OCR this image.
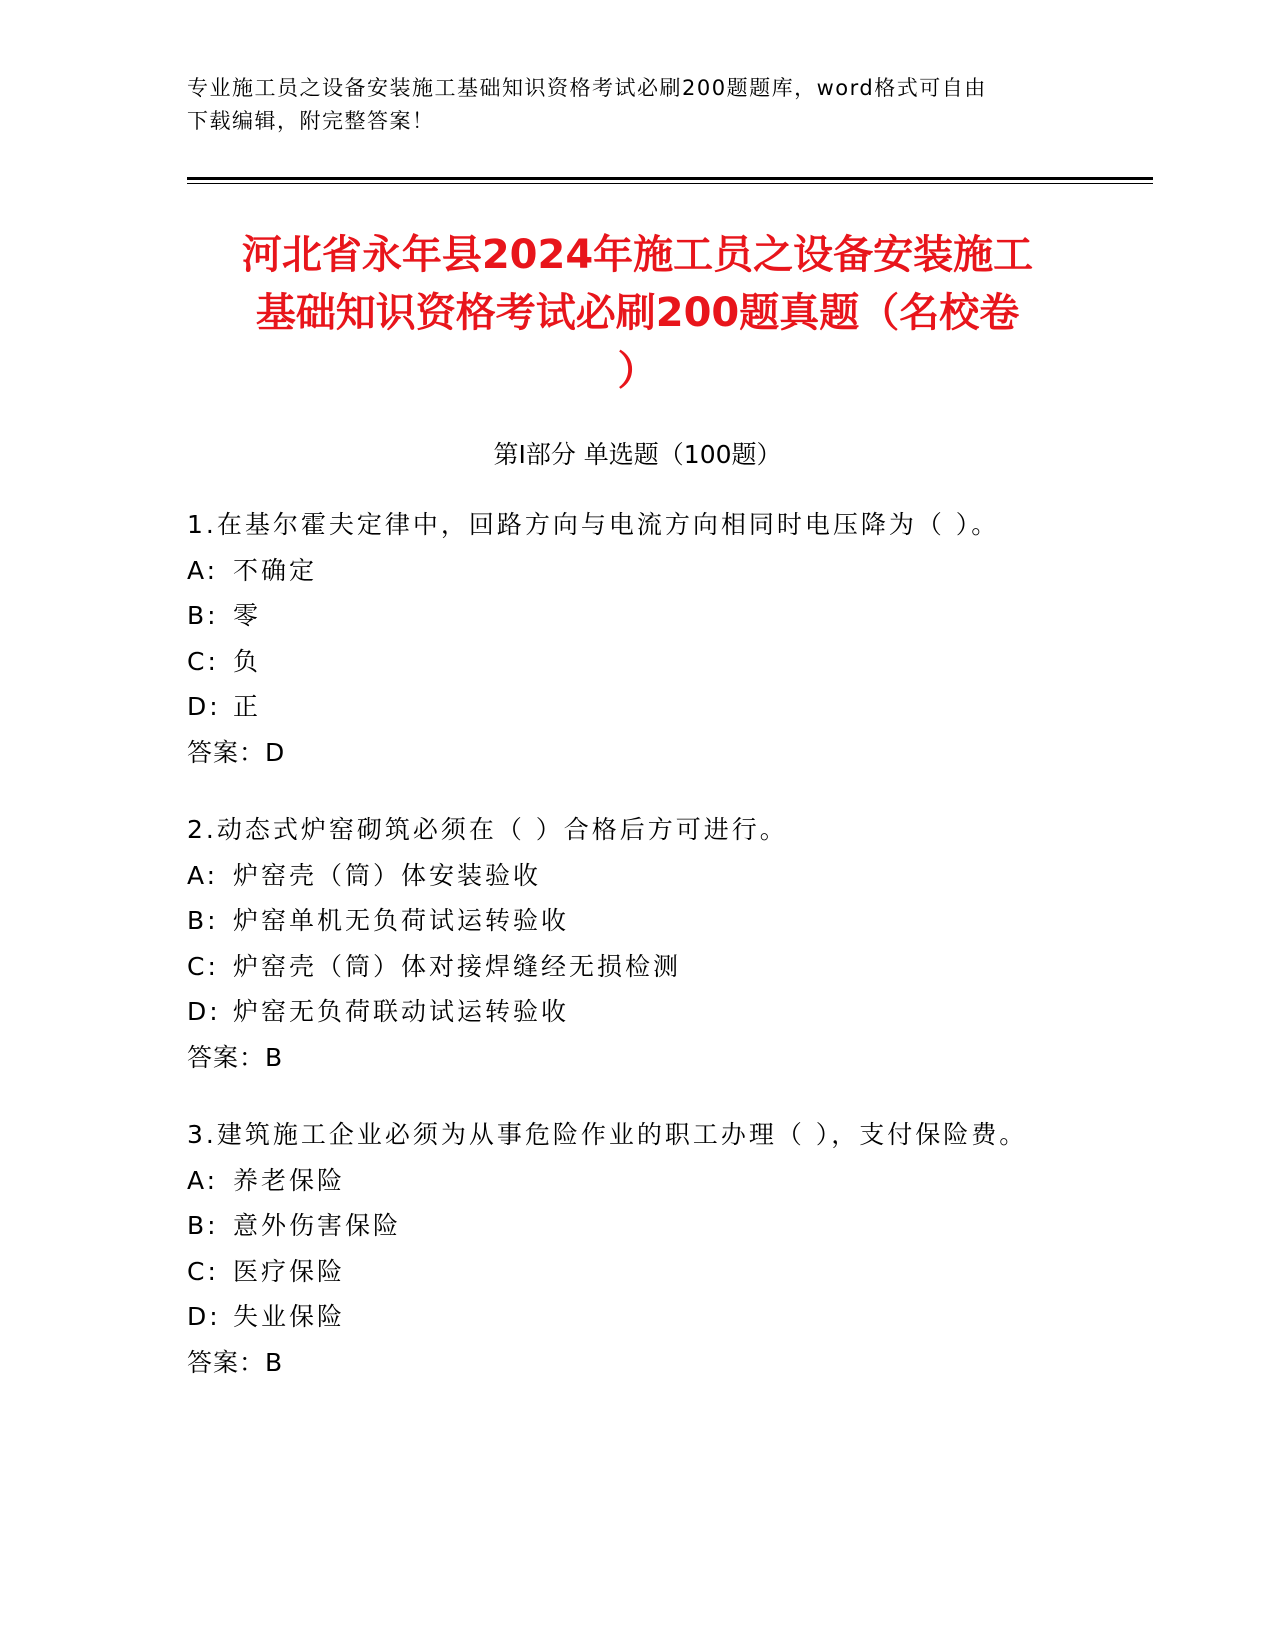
专业施工员之设备安装施工基础知识资格考试必刷200题题库，word格式可自由
下载编辑，附完整答案！
河北省永年县2024年施工员之设备安装施工
基础知识资格考试必刷200题真题（名校卷
）
第Ⅰ部分 单选题（100题）
1.在基尔霍夫定律中，回路方向与电流方向相同时电压降为（ ）。
A: 不确定
B: 零
C: 负
D: 正
答案：D
2.动态式炉窑砌筑必须在（ ）合格后方可进行。
A: 炉窑壳（筒）体安装验收
B: 炉窑单机无负荷试运转验收
C: 炉窑壳（筒）体对接焊缝经无损检测
D: 炉窑无负荷联动试运转验收
答案：B
3.建筑施工企业必须为从事危险作业的职工办理（ ），支付保险费。
A: 养老保险
B: 意外伤害保险
C: 医疗保险
D: 失业保险
答案：B
